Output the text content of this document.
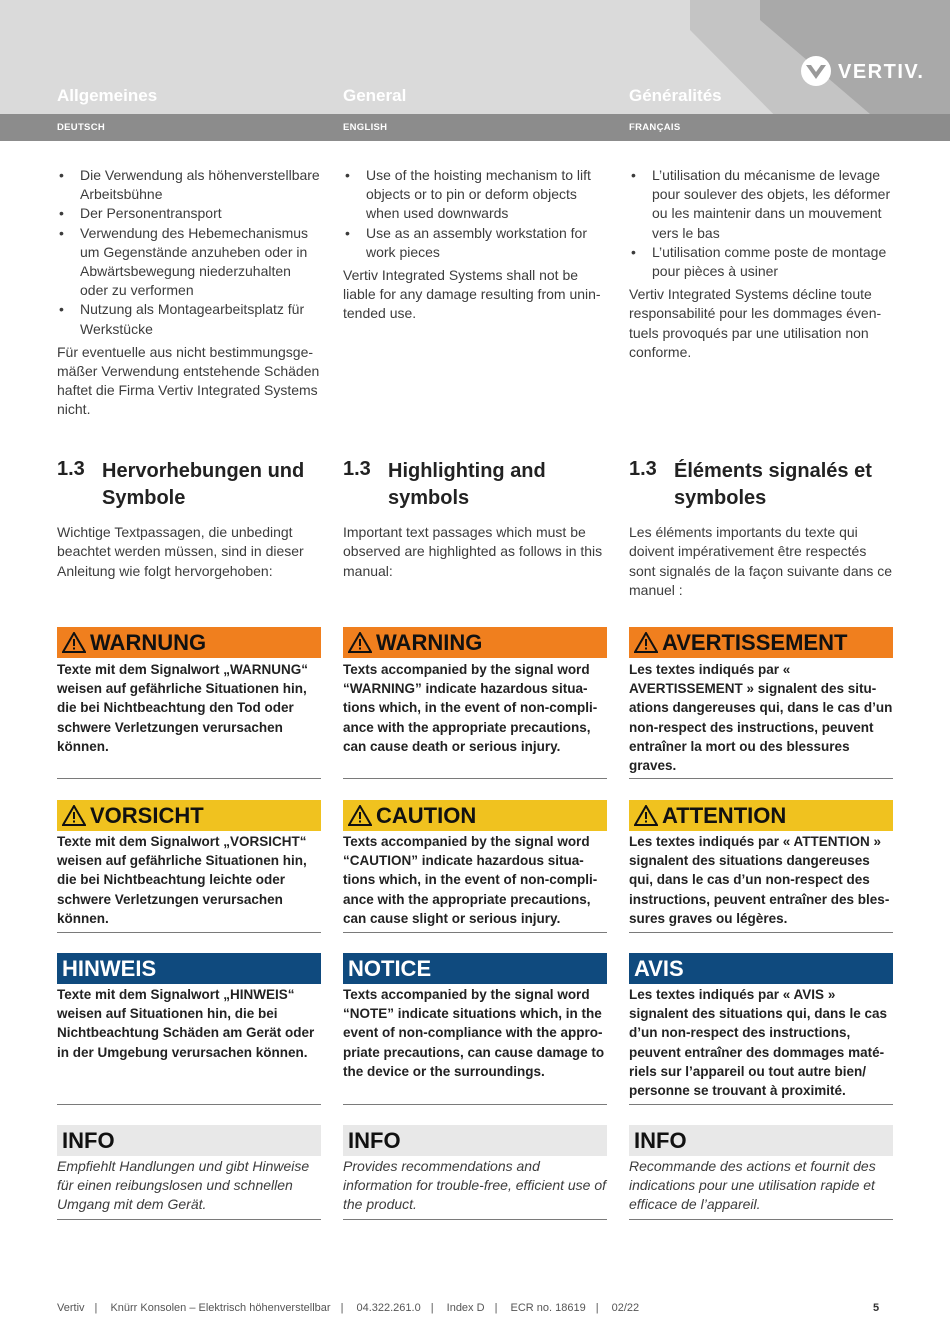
Allgemeines	General	Généralités
DEUTSCH	ENGLISH	FRANÇAIS
VERTIV.
• Die Verwendung als höhenverstellbare Arbeitsbühne
• Der Personentransport
• Verwendung des Hebemechanismus um Gegenstände anzuheben oder in Abwärtsbewegung niederzuhalten oder zu verformen
• Nutzung als Montagearbeitsplatz für Werkstücke

Für eventuelle aus nicht bestimmungsge-mäßer Verwendung entstehende Schäden haftet die Firma Vertiv Integrated Systems nicht.

• Use of the hoisting mechanism to lift objects or to pin or deform objects when used downwards
• Use as an assembly workstation for work pieces

Vertiv Integrated Systems shall not be liable for any damage resulting from unin-tended use.

• L’utilisation du mécanisme de levage pour soulever des objets, les déformer ou les maintenir dans un mouvement vers le bas
• L’utilisation comme poste de montage pour pièces à usiner

Vertiv Integrated Systems décline toute responsabilité pour les dommages éven-tuels provoqués par une utilisation non conforme.

1.3 Hervorhebungen und Symbole
1.3 Highlighting and symbols
1.3 Éléments signalés et symboles

Wichtige Textpassagen, die unbedingt beachtet werden müssen, sind in dieser Anleitung wie folgt hervorgehoben:

Important text passages which must be observed are highlighted as follows in this manual:

Les éléments importants du texte qui doivent impérativement être respectés sont signalés de la façon suivante dans ce manuel :

WARNUNG	WARNING	AVERTISSEMENT

Texte mit dem Signalwort „WARNUNG“ weisen auf gefährliche Situationen hin, die bei Nichtbeachtung den Tod oder schwere Verletzungen verursachen können.

Texts accompanied by the signal word “WARNING” indicate hazardous situa-tions which, in the event of non-compli-ance with the appropriate precautions, can cause death or serious injury.

Les textes indiqués par « AVERTISSEMENT » signalent des situ-ations dangereuses qui, dans le cas d’un non-respect des instructions, peuvent entraîner la mort ou des blessures graves.

VORSICHT	CAUTION	ATTENTION

Texte mit dem Signalwort „VORSICHT“ weisen auf gefährliche Situationen hin, die bei Nichtbeachtung leichte oder schwere Verletzungen verursachen können.

Texts accompanied by the signal word “CAUTION” indicate hazardous situa-tions which, in the event of non-compli-ance with the appropriate precautions, can cause slight or serious injury.

Les textes indiqués par « ATTENTION » signalent des situations dangereuses qui, dans le cas d’un non-respect des instructions, peuvent entraîner des bles-sures graves ou légères.

HINWEIS	NOTICE	AVIS

Texte mit dem Signalwort „HINWEIS“ weisen auf Situationen hin, die bei Nichtbeachtung Schäden am Gerät oder in der Umgebung verursachen können.

Texts accompanied by the signal word “NOTE” indicate situations which, in the event of non-compliance with the appro-priate precautions, can cause damage to the device or the surroundings.

Les textes indiqués par « AVIS » signalent des situations qui, dans le cas d’un non-respect des instructions, peuvent entraîner des dommages maté-riels sur l’appareil ou tout autre bien/ personne se trouvant à proximité.

INFO	INFO	INFO

Empfiehlt Handlungen und gibt Hinweise für einen reibungslosen und schnellen Umgang mit dem Gerät.

Provides recommendations and information for trouble-free, efficient use of the product.

Recommande des actions et fournit des indications pour une utilisation rapide et efficace de l’appareil.

Vertiv | Knürr Konsolen – Elektrisch höhenverstellbar | 04.322.261.0 | Index D | ECR no. 18619 | 02/22	5
